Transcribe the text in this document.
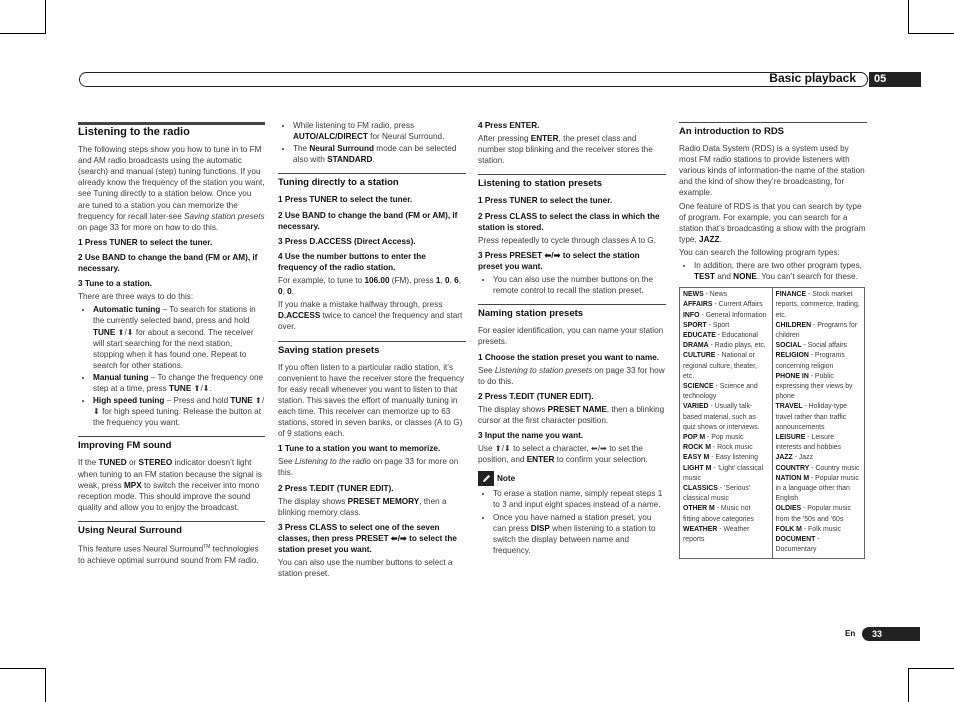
Basic playback	05
Listening to the radio

The following steps show you how to tune in to FM and AM radio broadcasts using the automatic (search) and manual (step) tuning functions. If you already know the frequency of the station you want, see Tuning directly to a station below. Once you are tuned to a station you can memorize the frequency for recall later-see Saving station presets on page 33 for more on how to do this.

1 Press TUNER to select the tuner.

2 Use BAND to change the band (FM or AM), if necessary.

3 Tune to a station.

There are three ways to do this:

• Automatic tuning – To search for stations in the currently selected band, press and hold TUNE ⬆/⬇ for about a second. The receiver will start searching for the next station, stopping when it has found one. Repeat to search for other stations.
• Manual tuning – To change the frequency one step at a time, press TUNE ⬆/⬇.
• High speed tuning – Press and hold TUNE ⬆/⬇ for high speed tuning. Release the button at the frequency you want.
Improving FM sound

If the TUNED or STEREO indicator doesn’t light when tuning to an FM station because the signal is weak, press MPX to switch the receiver into mono reception mode. This should improve the sound quality and allow you to enjoy the broadcast.

Using Neural Surround

This feature uses Neural Surround™ technologies to achieve optimal surround sound from FM radio.

• While listening to FM radio, press AUTO/ALC/DIRECT for Neural Surround.
• The Neural Surround mode can be selected also with STANDARD.
Tuning directly to a station

1 Press TUNER to select the tuner.

2 Use BAND to change the band (FM or AM), if necessary.

3 Press D.ACCESS (Direct Access).

4 Use the number buttons to enter the frequency of the radio station.

For example, to tune to 106.00 (FM), press 1, 0, 6, 0, 0.

If you make a mistake halfway through, press D.ACCESS twice to cancel the frequency and start over.

Saving station presets

If you often listen to a particular radio station, it’s convenient to have the receiver store the frequency for easy recall whenever you want to listen to that station. This saves the effort of manually tuning in each time. This receiver can memorize up to 63 stations, stored in seven banks, or classes (A to G) of 9 stations each.

1 Tune to a station you want to memorize.

See Listening to the radio on page 33 for more on this.

2 Press T.EDIT (TUNER EDIT).

The display shows PRESET MEMORY, then a blinking memory class.

3 Press CLASS to select one of the seven classes, then press PRESET ⬅/➡ to select the station preset you want.

You can also use the number buttons to select a station preset.

4 Press ENTER.

After pressing ENTER, the preset class and number stop blinking and the receiver stores the station.

Listening to station presets

1 Press TUNER to select the tuner.

2 Press CLASS to select the class in which the station is stored.

Press repeatedly to cycle through classes A to G.

3 Press PRESET ⬅/➡ to select the station preset you want.

• You can also use the number buttons on the remote control to recall the station preset.
Naming station presets

For easier identification, you can name your station presets.

1 Choose the station preset you want to name.

See Listening to station presets on page 33 for how to do this.

2 Press T.EDIT (TUNER EDIT).

The display shows PRESET NAME, then a blinking cursor at the first character position.

3 Input the name you want.

Use ⬆/⬇ to select a character, ⬅/➡ to set the position, and ENTER to confirm your selection.

Note
• To erase a station name, simply repeat steps 1 to 3 and input eight spaces instead of a name.
• Once you have named a station preset, you can press DISP when listening to a station to switch the display between name and frequency.
An introduction to RDS

Radio Data System (RDS) is a system used by most FM radio stations to provide listeners with various kinds of information-the name of the station and the kind of show they’re broadcasting, for example.

One feature of RDS is that you can search by type of program. For example, you can search for a station that’s broadcasting a show with the program type, JAZZ.

You can search the following program types:

• In addition, there are two other program types, TEST and NONE. You can’t search for these.
NEWS - News
AFFAIRS - Current Affairs
INFO - General Information
SPORT - Sport
EDUCATE - Educational
DRAMA - Radio plays, etc.
CULTURE - National or regional culture, theater, etc.
SCIENCE - Science and technology
VARIED - Usually talk-based material, such as quiz shows or interviews.
POP M - Pop music
ROCK M - Rock music
EASY M - Easy listening
LIGHT M - ‘Light’ classical music
CLASSICS - ‘Serious’ classical music
OTHER M - Music not fitting above categories
WEATHER - Weather reports

FINANCE - Stock market reports, commerce, trading, etc.
CHILDREN - Programs for children
SOCIAL - Social affairs
RELIGION - Programs concerning religion
PHONE IN - Public expressing their views by phone
TRAVEL - Holiday-type travel rather than traffic announcements
LEISURE - Leisure interests and hobbies
JAZZ - Jazz
COUNTRY - Country music
NATION M - Popular music in a language other than English
OLDIES - Popular music from the ’50s and ’60s
FOLK M - Folk music
DOCUMENT - Documentary
En	33
